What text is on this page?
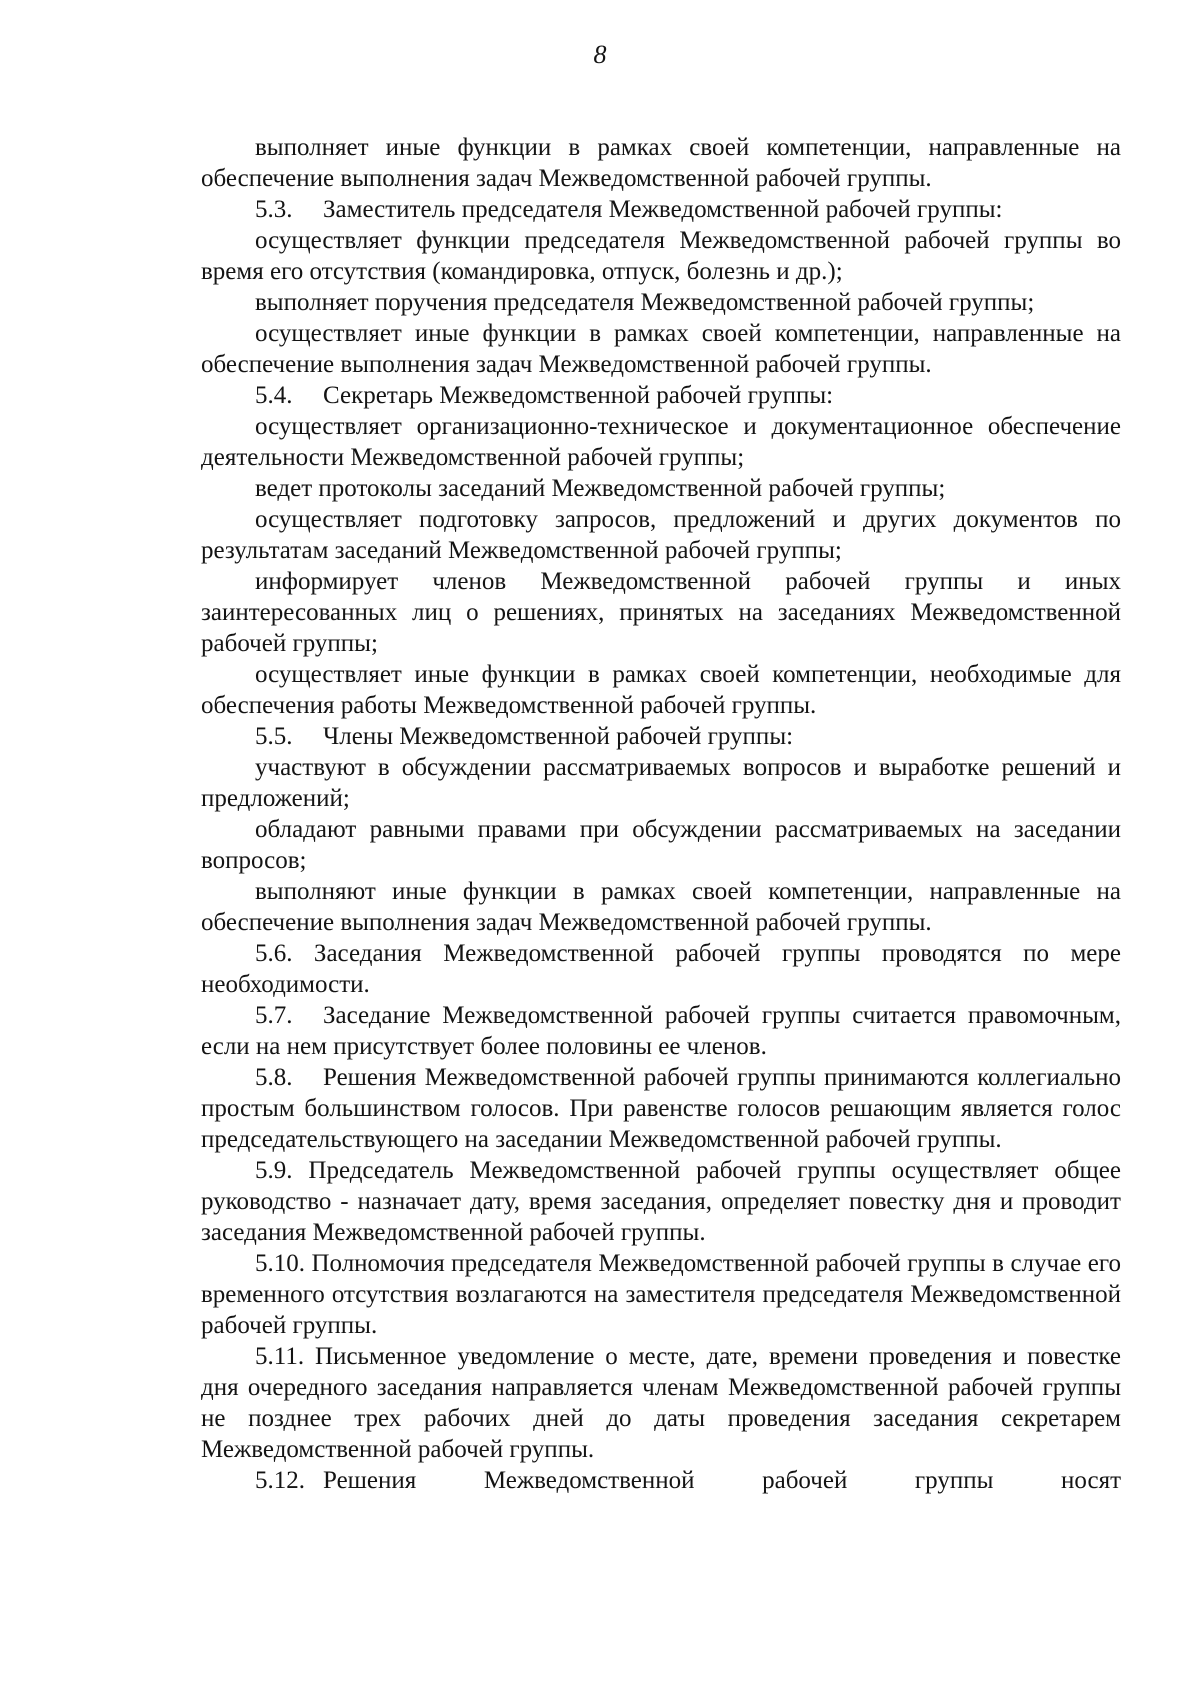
8

выполняет иные функции в рамках своей компетенции, направленные на обеспечение выполнения задач Межведомственной рабочей группы.

5.3. Заместитель председателя Межведомственной рабочей группы:

осуществляет функции председателя Межведомственной рабочей группы во время его отсутствия (командировка, отпуск, болезнь и др.);

выполняет поручения председателя Межведомственной рабочей группы;

осуществляет иные функции в рамках своей компетенции, направленные на обеспечение выполнения задач Межведомственной рабочей группы.

5.4. Секретарь Межведомственной рабочей группы:

осуществляет организационно-техническое и документационное обеспечение деятельности Межведомственной рабочей группы;

ведет протоколы заседаний Межведомственной рабочей группы;

осуществляет подготовку запросов, предложений и других документов по результатам заседаний Межведомственной рабочей группы;

информирует членов Межведомственной рабочей группы и иных заинтересованных лиц о решениях, принятых на заседаниях Межведомственной рабочей группы;

осуществляет иные функции в рамках своей компетенции, необходимые для обеспечения работы Межведомственной рабочей группы.

5.5. Члены Межведомственной рабочей группы:

участвуют в обсуждении рассматриваемых вопросов и выработке решений и предложений;

обладают равными правами при обсуждении рассматриваемых на заседании вопросов;

выполняют иные функции в рамках своей компетенции, направленные на обеспечение выполнения задач Межведомственной рабочей группы.

5.6. Заседания Межведомственной рабочей группы проводятся по мере необходимости.

5.7. Заседание Межведомственной рабочей группы считается правомочным, если на нем присутствует более половины ее членов.

5.8. Решения Межведомственной рабочей группы принимаются коллегиально простым большинством голосов. При равенстве голосов решающим является голос председательствующего на заседании Межведомственной рабочей группы.

5.9. Председатель Межведомственной рабочей группы осуществляет общее руководство - назначает дату, время заседания, определяет повестку дня и проводит заседания Межведомственной рабочей группы.

5.10. Полномочия председателя Межведомственной рабочей группы в случае его временного отсутствия возлагаются на заместителя председателя Межведомственной рабочей группы.

5.11. Письменное уведомление о месте, дате, времени проведения и повестке дня очередного заседания направляется членам Межведомственной рабочей группы не позднее трех рабочих дней до даты проведения заседания секретарем Межведомственной рабочей группы.

5.12. Решения Межведомственной рабочей группы носят
